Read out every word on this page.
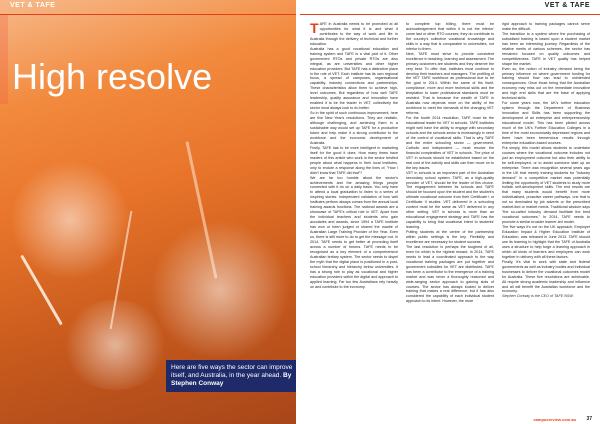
VET & TAFE
High resolve
Here are five ways the sector can improve itself, and Australia, in the year ahead. By Stephen Conway
VET & TAFE

TAFE in Australia needs to be promoted at all opportunities for what it is and what it contributes to the way of work and life in Australia through the delivery of technical and further education.

Australia has a good vocational education and training system and TAFE is a vital part of it. Other government RTOs and private RTOs are also integral, as are universities and other higher education providers. But TAFE has a distinctive place in the role of VET. Each institute has its own regional focus, a spread of campuses, organisational capability, industry connections and partnerships. These characteristics allow them to achieve high-level outcomes. But regardless of how well TAFE leadership, quality assurance and innovation have enabled it to be the leader in VET, collectively the sector must always look to do better.

So in the spirit of such continuous improvement, here are five New Year's resolutions. They are realistic, although challenging, and achieving them in a sustainable way would set up TAFE for a productive future and help make it a strong contributor to the workforce and the economic development of Australia.

Firstly, TAFE has to be more intelligent in marketing itself for the good it does. How many times have readers of this article who work in the sector bristled people about what happens in their local institutes, only to endure a response along the lines of, "How I didn't know that TAFE did that"?

We are far too humble about the sector's achievements and the amazing things people connected with it do on a daily basis. You only have to attend a local graduation to listen to a series of inspiring stories. Independent validation of how well institutes perform always comes from the annual local training awards functions. The national awards are a showcase of TAFE's critical role in VET. Apart from the individual teachers and students who gain accolades and awards, since 1994 a TAFE institute has won or been judged or shared the mantle of Australian Large Training Provider of the Year. Even so, there is still more to do to get the message out. In 2014, TAFE needs to get better at promoting itself across a number of forums. TAFE needs to be recognised as a key element of a comprehensive Australian tertiary system. The sector needs to dispel the myth that the digital place is positioned in a post-school hierarchy and hierarchy below universities. It has a strong role to play as vocational and higher education providers within the digital and approach to applied learning. Far too few Australians rely heavily on and contribute to the economy.

to complete top billing, there must be acknowledgement that within it is not the inferior' come last or other RTO courses; they do contribute to the country's collective vocational knowledge and skills in a way that is comparable to universities, not inferior to them.

Next, TAFE must strive to provide consistent excellence in teaching, learning and assessment. The primary customers are students and they deserve the very best. To offer that, institutes must continue to develop their teachers and managers. The profiling of the VET TAFE workforce as professional due to be the goal in 2014. Within the same of ths itself, compliance, more and more technical skills and the temptation to lower professional standards must be resisted. That is because the wealth of TAFE in Australia now depends more on the ability of the workforce to meet the demands of the changing VET reforms.

For the fourth 2014 resolution, TAFE must be the educational leader for VET in schools. TAFE institutes might well have the ability to engage with secondary schools and the schools sector is increasingly in need of the control of vocational skills. That is why TAFE and the entire schooling sector — government, Catholic and independent — must resolve the financial complexities of VET in schools. The price of VET in schools should be established based on the real cost of the activity and skills can then move on to the key issues.

VET in schools is an important part of the Australian secondary school system. TAFE, as a high-quality provider of VET, should be the leader of this choice. The engagement between its schools and TAFE should be focused upon the student and the student's ultimate vocational outcome from their Certificate I or Certificate II studies. VET delivered in a schooling context must be the same as VET delivered in any other setting. VET in schools is more than an educational engagement strategy and TAFE has the capability to bring that vocational intent to students' learning.

Putting students at the centre of the partnership within public settings is the key. Flexibility and excellence are necessary for student success.

The last resolution is perhaps the toughest of all, even for which is the highest reward. In 2014, TAFE needs to lead a coordinated approach to the way vocational training packages are put together and government subsidies for VET are distributed. TAFE has been a contributor to the emergence of a training market and was never a thoroughly reasoned and wide-ranging sector approach to gaining slots of courses. The sector has always looked to deliver training that makes a real difference, but it has also considered the capability of each individual student approach to its intent. However, the more

rigid approach to training packages cannot serve make the difficult.

The transition to a system where the purchasing of subsidised training is based upon a student market has been an interesting journey. Regardless of the relative merits of various schemes, the sector has remained focused on quality outcomes and competitiveness. TAFE in VET quality has helped shape the market.

Even so, the notion of industry demand being the primary influence on where government funding for training should flow can lead to unintended consequences. Once those being that the Australian economy may miss out on the immediate innovative and high end skills that are the base of applying technical skills.

For some years now, the UK's further education system through the Department of Business Innovation and Skills has been supporting the development of an enterprise and entrepreneurship educational model. This has been piloted across much of the UK's Further Education Colleges in a time of the most economically depressed regions and there have been tremendous results through enterprise education-based courses.

Put simply, this model allows students to undertake courses where the vocational outcome includes not just an employment outcome but also their ability to be self-employed, or to assist someone start up an enterprise. There was recognition several years ago in the UK that merely training students for "industry demand" in a competitive market was potentially limiting the opportunity of VET students to study more holistic self-development skills. The end results are that many students would benefit from more individualised, proactive career pathways, one that is not so dominated by job adverts or the prescribed market-tied or market needs. Traditional wisdom says "the so-called industry demand facilitate the best vocational outcomes." In 2014, TAFE needs to promote a similar broader learner-led model.

The five ways it's not on the UK approach, Employer Education Impact & Higher Education Institute of Education, was released in June 2013. TAFE should use its learning to highlight that the TAFE of Australia uses a structure to help forge a learning approach in which all kinds of learners and employers can work together in delivery with all these factors.

Finally, it's vital to work with state and federal governments as well as industry bodies and individual businesses to deliver the vocational outcomes model for Australia. These five resolutions are achievable. All require strong academic leadership and influence and all will benefit the Australian workforce and the economy.

Stephen Conway is the CEO of TAFE NSW.

campusreview.com.au 37
